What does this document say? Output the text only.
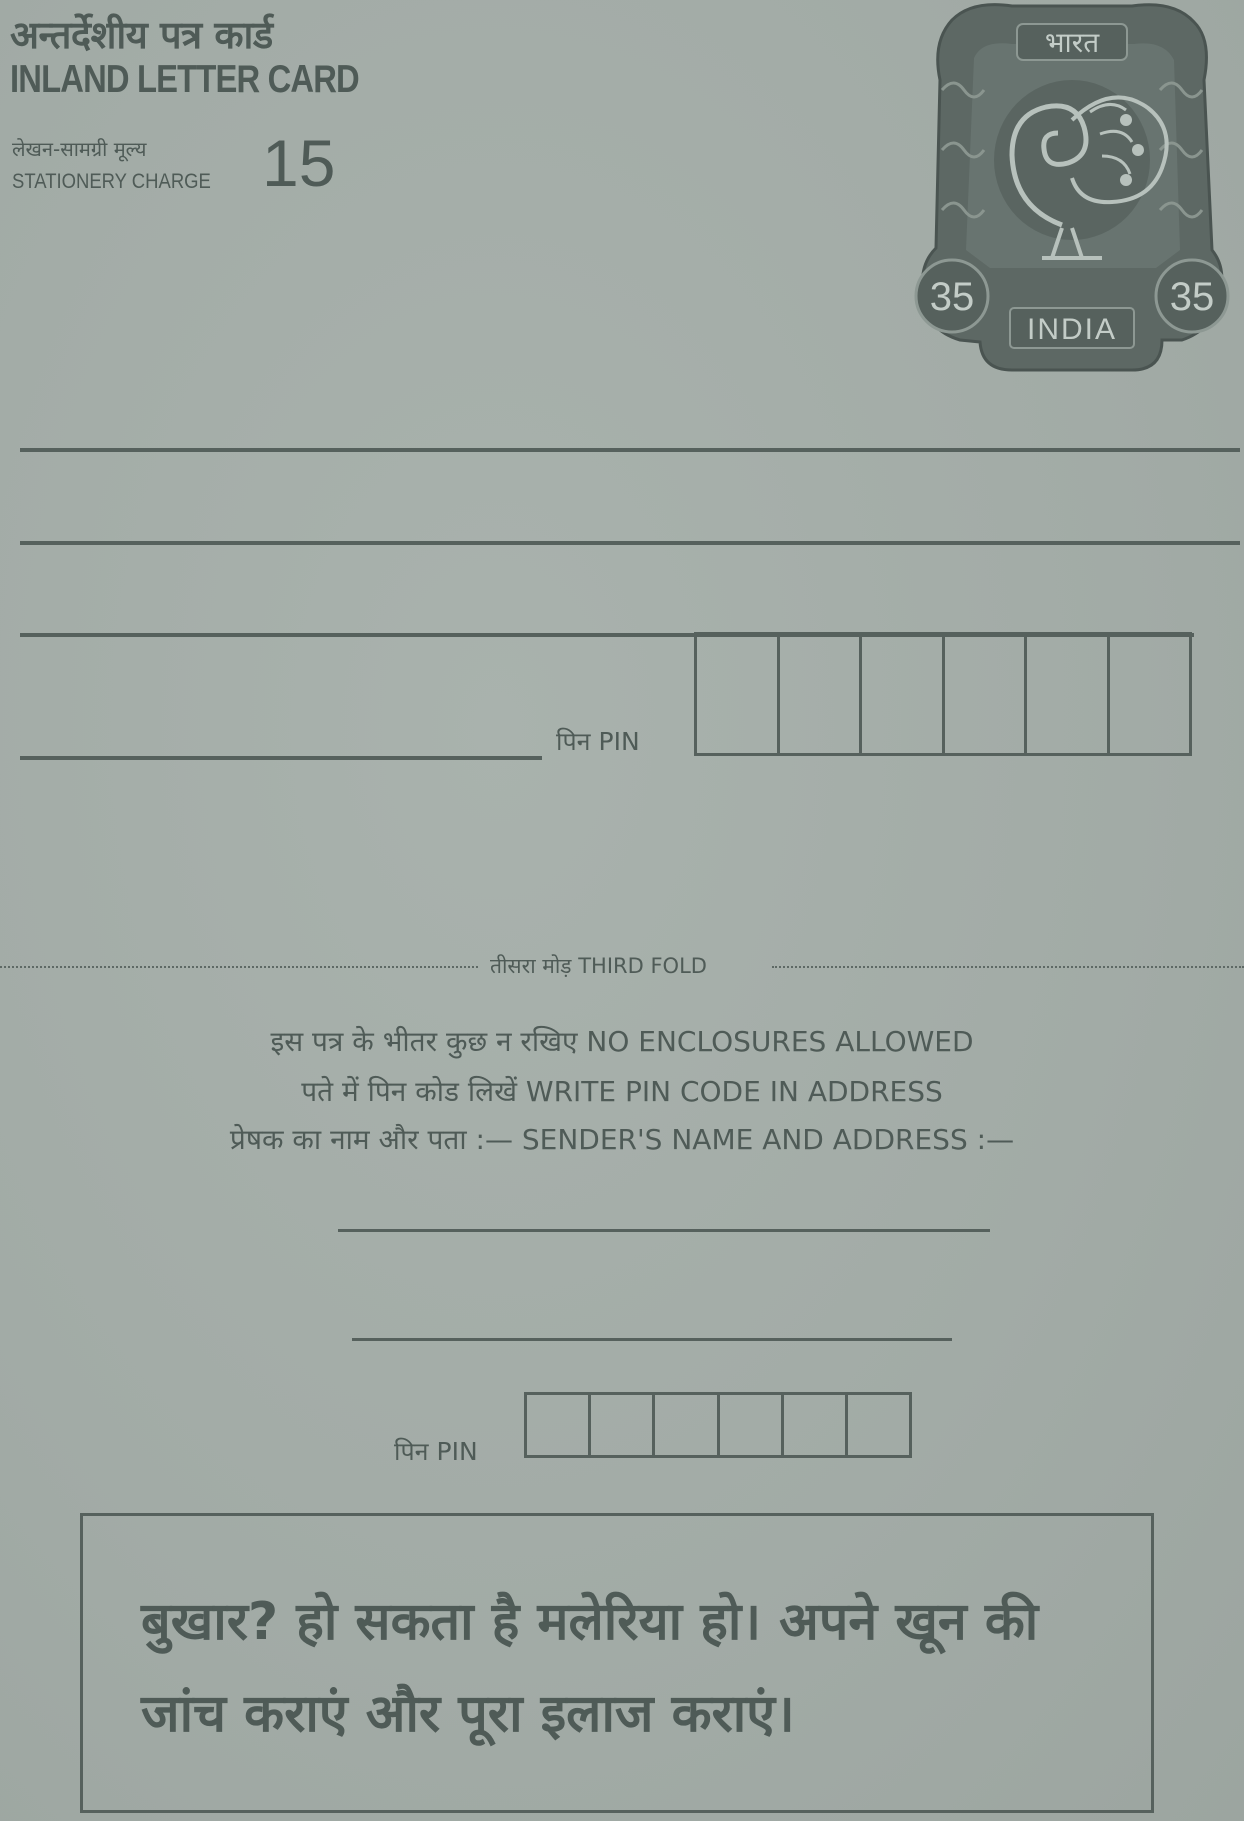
अन्तर्देशीय पत्र कार्ड
INLAND LETTER CARD
लेखन-सामग्री मूल्य
STATIONERY CHARGE 15
भारत
35	35
INDIA
पिन PIN
तीसरा मोड़ THIRD FOLD
इस पत्र के भीतर कुछ न रखिए NO ENCLOSURES ALLOWED
पते में पिन कोड लिखें WRITE PIN CODE IN ADDRESS
प्रेषक का नाम और पता :— SENDER'S NAME AND ADDRESS :—
पिन PIN
बुखार? हो सकता है मलेरिया हो। अपने खून की
जांच कराएं और पूरा इलाज कराएं।
